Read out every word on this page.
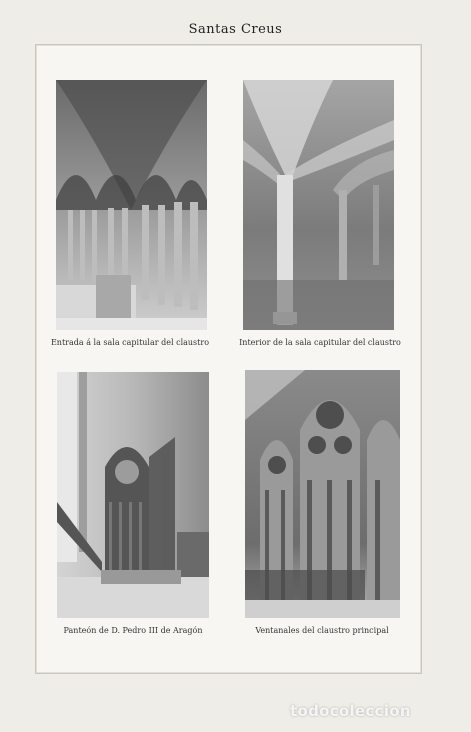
Santas Creus
Entrada á la sala capitular del claustro	Interior de la sala capitular del claustro
Panteón de D. Pedro III de Aragón	Ventanales del claustro principal
todocoleccion
